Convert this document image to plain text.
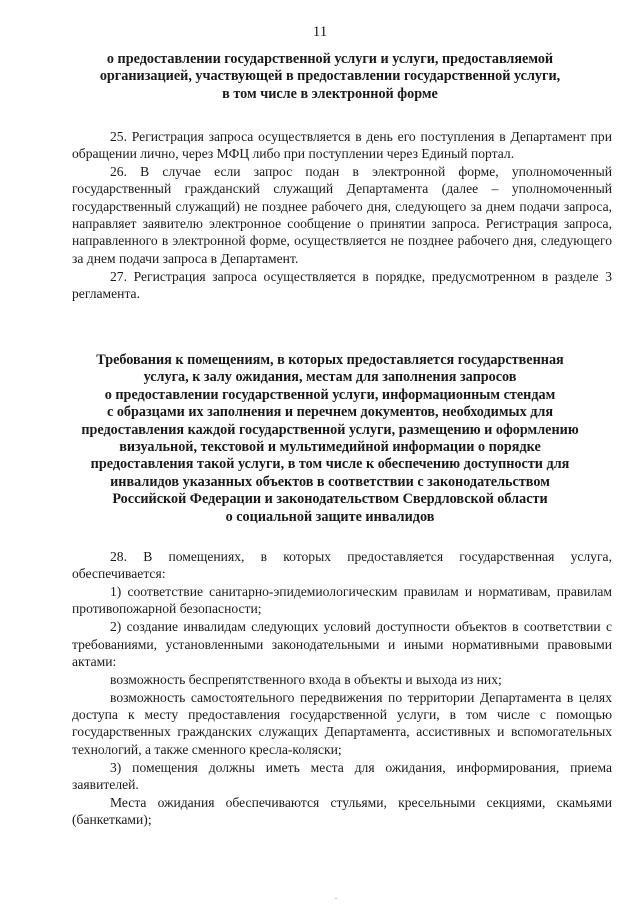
11
о предоставлении государственной услуги и услуги, предоставляемой
организацией, участвующей в предоставлении государственной услуги,
в том числе в электронной форме

25. Регистрация запроса осуществляется в день его поступления в Департамент при обращении лично, через МФЦ либо при поступлении через Единый портал.

26. В случае если запрос подан в электронной форме, уполномоченный государственный гражданский служащий Департамента (далее – уполномоченный государственный служащий) не позднее рабочего дня, следующего за днем подачи запроса, направляет заявителю электронное сообщение о принятии запроса. Регистрация запроса, направленного в электронной форме, осуществляется не позднее рабочего дня, следующего за днем подачи запроса в Департамент.

27. Регистрация запроса осуществляется в порядке, предусмотренном в разделе 3 регламента.

Требования к помещениям, в которых предоставляется государственная
услуга, к залу ожидания, местам для заполнения запросов
о предоставлении государственной услуги, информационным стендам
с образцами их заполнения и перечнем документов, необходимых для
предоставления каждой государственной услуги, размещению и оформлению
визуальной, текстовой и мультимедийной информации о порядке
предоставления такой услуги, в том числе к обеспечению доступности для
инвалидов указанных объектов в соответствии с законодательством
Российской Федерации и законодательством Свердловской области
о социальной защите инвалидов

28. В помещениях, в которых предоставляется государственная услуга, обеспечивается:

1) соответствие санитарно-эпидемиологическим правилам и нормативам, правилам противопожарной безопасности;

2) создание инвалидам следующих условий доступности объектов в соответствии с требованиями, установленными законодательными и иными нормативными правовыми актами:

возможность беспрепятственного входа в объекты и выхода из них;

возможность самостоятельного передвижения по территории Департамента в целях доступа к месту предоставления государственной услуги, в том числе с помощью государственных гражданских служащих Департамента, ассистивных и вспомогательных технологий, а также сменного кресла-коляски;

3) помещения должны иметь места для ожидания, информирования, приема заявителей.

Места ожидания обеспечиваются стульями, кресельными секциями, скамьями (банкетками);

.
